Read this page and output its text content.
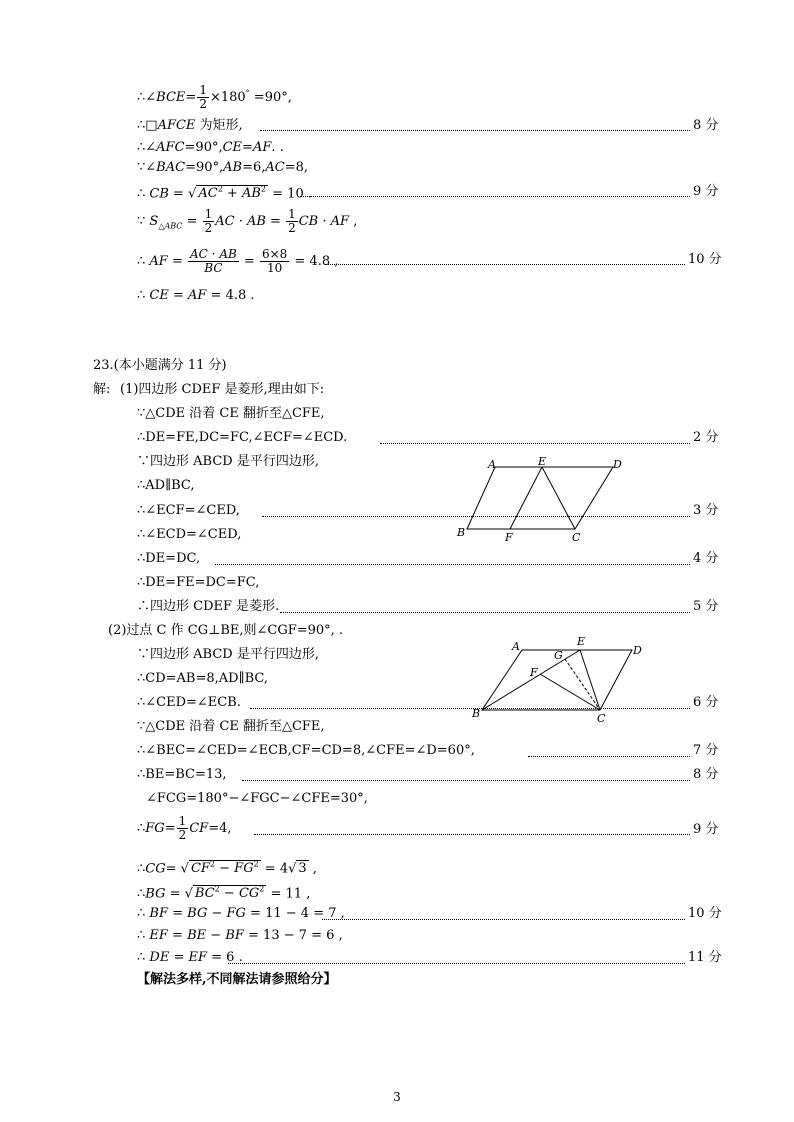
∴∠BCE= $\frac{1}{2} \times 180^\circ =90^\circ$,
∴□AFCE 为矩形,	8 分
∴∠AFC=90°,CE=AF. .
∵∠BAC=90°,AB=6,AC=8,
∴ CB = √ $AC^2 + AB^2 = 10$ .	9 分
∵ $S_{\triangle ABC} = \frac{1}{2}$ AC · AB = $\frac{1}{2}$ CB · AF ,
∴ AF = $\frac{AC \cdot AB}{BC} = \frac{6\times 8}{10} = 4.8$ ,	10 分
∴ CE = AF = 4.8 .
23.(本小题满分 11 分)
解: (1)四边形 CDEF 是菱形,理由如下:
∵△CDE 沿着 CE 翻折至△CFE,
∴DE=FE,DC=FC,∠ECF=∠ECD.	2 分
∵四边形 ABCD 是平行四边形,
∴AD∥BC,
∴∠ECF=∠CED,	3 分
∴∠ECD=∠CED,
∴DE=DC,	4 分
∴DE=FE=DC=FC,
∴四边形 CDEF 是菱形.	5 分
A	E	D
B	F	C
(2)过点 C 作 CG⊥BE,则∠CGF=90°, .
∵四边形 ABCD 是平行四边形,
∴CD=AB=8,AD∥BC,
∴∠CED=∠ECB.	6 分
∵△CDE 沿着 CE 翻折至△CFE,
∴∠BEC=∠CED=∠ECB,CF=CD=8,∠CFE=∠D=60°,	7 分
∴BE=BC=13,	8 分
∠FCG=180°−∠FGC−∠CFE=30°,
∴FG= $\frac{1}{2} CF=4$,	9 分
∴CG= √ $CF^2 - FG^2 = 4√$ 3 ,
∴BG = √ $BC^2 - CG^2 = 11$ ,
∴ BF = BG − FG = 11 − 4 = 7 ,	10 分
∴ EF = BE − BF = 13 − 7 = 6 ,
∴ DE = EF = 6 .	11 分
【解法多样,不同解法请参照给分】
A	E
D
G
F
B	C
3
